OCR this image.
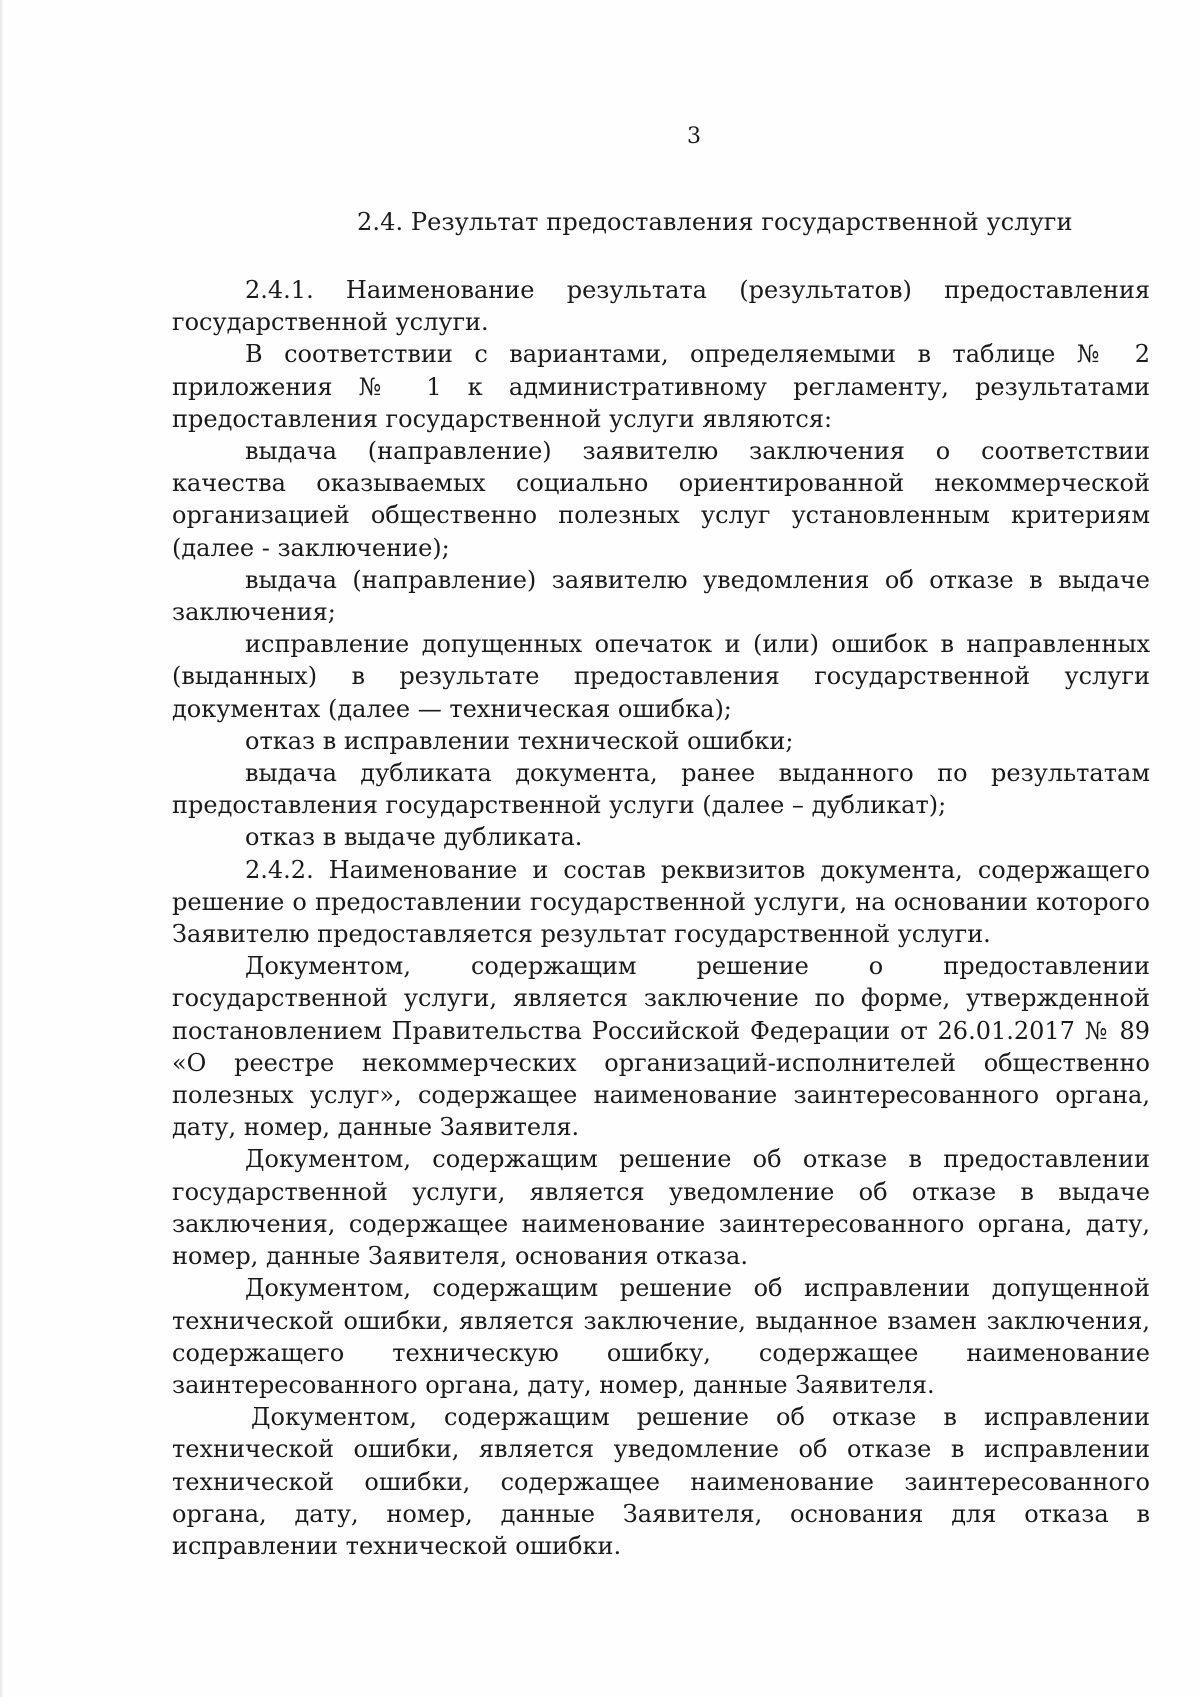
3
2.4. Результат предоставления государственной услуги

2.4.1. Наименование результата (результатов) предоставления государственной услуги.

В соответствии с вариантами, определяемыми в таблице № 2 приложения № 1 к административному регламенту, результатами предоставления государственной услуги являются:

выдача (направление) заявителю заключения о соответствии качества оказываемых социально ориентированной некоммерческой организацией общественно полезных услуг установленным критериям (далее - заключение);

выдача (направление) заявителю уведомления об отказе в выдаче заключения;

исправление допущенных опечаток и (или) ошибок в направленных (выданных) в результате предоставления государственной услуги документах (далее — техническая ошибка);

отказ в исправлении технической ошибки;

выдача дубликата документа, ранее выданного по результатам предоставления государственной услуги (далее – дубликат);

отказ в выдаче дубликата.

2.4.2. Наименование и состав реквизитов документа, содержащего решение о предоставлении государственной услуги, на основании которого Заявителю предоставляется результат государственной услуги.

Документом, содержащим решение о предоставлении государственной услуги, является заключение по форме, утвержденной постановлением Правительства Российской Федерации от 26.01.2017 № 89 «О реестре некоммерческих организаций-исполнителей общественно полезных услуг», содержащее наименование заинтересованного органа, дату, номер, данные Заявителя.

Документом, содержащим решение об отказе в предоставлении государственной услуги, является уведомление об отказе в выдаче заключения, содержащее наименование заинтересованного органа, дату, номер, данные Заявителя, основания отказа.

Документом, содержащим решение об исправлении допущенной технической ошибки, является заключение, выданное взамен заключения, содержащего техническую ошибку, содержащее наименование заинтересованного органа, дату, номер, данные Заявителя.

Документом, содержащим решение об отказе в исправлении технической ошибки, является уведомление об отказе в исправлении технической ошибки, содержащее наименование заинтересованного органа, дату, номер, данные Заявителя, основания для отказа в исправлении технической ошибки.
